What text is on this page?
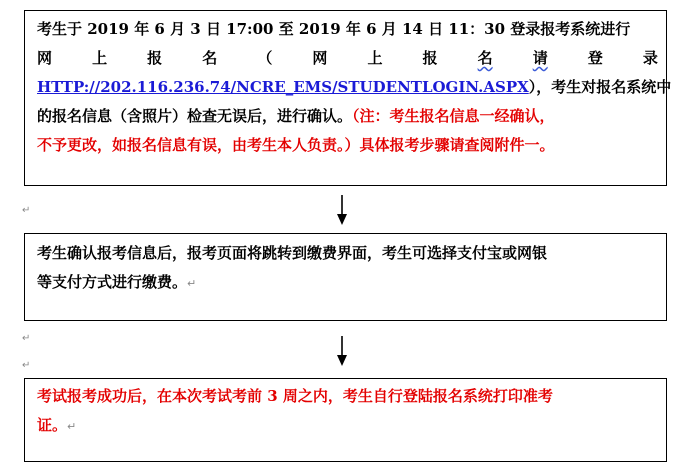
考生于 2019 年 6 月 3 日 17:00 至 2019 年 6 月 14 日 11：30 登录报考系统进行
网	上	报	名	（	网	上	报	名	请	登	录
HTTP://202.116.236.74/NCRE_EMS/STUDENTLOGIN.ASPX），考生对报名系统中
的报名信息（含照片）检查无误后，进行确认。（注：考生报名信息一经确认，
不予更改，如报名信息有误，由考生本人负责。）具体报考步骤请查阅附件一。
↵
↵
↵
考生确认报考信息后，报考页面将跳转到缴费界面，考生可选择支付宝或网银
等支付方式进行缴费。↵
考试报考成功后，在本次考试考前 3 周之内，考生自行登陆报名系统打印准考
证。↵
